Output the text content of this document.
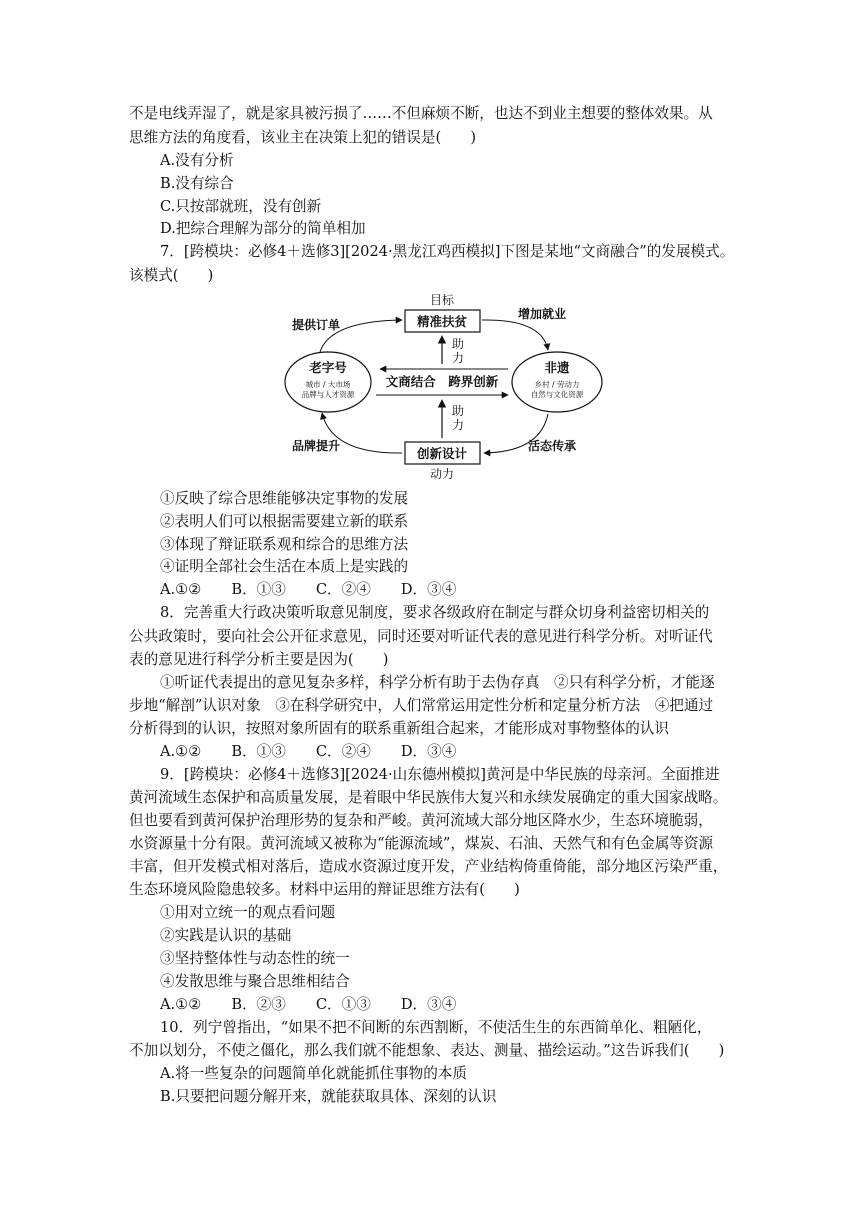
不是电线弄湿了，就是家具被污损了……不但麻烦不断，也达不到业主想要的整体效果。从
思维方法的角度看，该业主在决策上犯的错误是(　　)
A.没有分析
B.没有综合
C.只按部就班，没有创新
D.把综合理解为部分的简单相加
7．[跨模块：必修4＋选修3][2024·黑龙江鸡西模拟]下图是某地“文商融合”的发展模式。
该模式(　　)
目标
精准扶贫
创新设计
动力
老字号
城市 / 大市场
品牌与人才资源
非遗
乡村 / 劳动力
自然与文化资源
文商结合　跨界创新
助
力
助
力
提供订单
增加就业
品牌提升	活态传承
①反映了综合思维能够决定事物的发展
②表明人们可以根据需要建立新的联系
③体现了辩证联系观和综合的思维方法
④证明全部社会生活在本质上是实践的
A.①② B．①③ C．②④ D．③④
8．完善重大行政决策听取意见制度，要求各级政府在制定与群众切身利益密切相关的
公共政策时，要向社会公开征求意见，同时还要对听证代表的意见进行科学分析。对听证代
表的意见进行科学分析主要是因为(　　)
①听证代表提出的意见复杂多样，科学分析有助于去伪存真　②只有科学分析，才能逐
步地“解剖”认识对象　③在科学研究中，人们常常运用定性分析和定量分析方法　④把通过
分析得到的认识，按照对象所固有的联系重新组合起来，才能形成对事物整体的认识
A.①② B．①③ C．②④ D．③④
9．[跨模块：必修4＋选修3][2024·山东德州模拟]黄河是中华民族的母亲河。全面推进
黄河流域生态保护和高质量发展，是着眼中华民族伟大复兴和永续发展确定的重大国家战略。
但也要看到黄河保护治理形势的复杂和严峻。黄河流域大部分地区降水少，生态环境脆弱，
水资源量十分有限。黄河流域又被称为“能源流域”，煤炭、石油、天然气和有色金属等资源
丰富，但开发模式相对落后，造成水资源过度开发，产业结构倚重倚能，部分地区污染严重，
生态环境风险隐患较多。材料中运用的辩证思维方法有(　　)
①用对立统一的观点看问题
②实践是认识的基础
③坚持整体性与动态性的统一
④发散思维与聚合思维相结合
A.①② B．②③ C．①③ D．③④
10．列宁曾指出，“如果不把不间断的东西割断，不使活生生的东西简单化、粗陋化，
不加以划分，不使之僵化，那么我们就不能想象、表达、测量、描绘运动。”这告诉我们(　　)
A.将一些复杂的问题简单化就能抓住事物的本质
B.只要把问题分解开来，就能获取具体、深刻的认识
